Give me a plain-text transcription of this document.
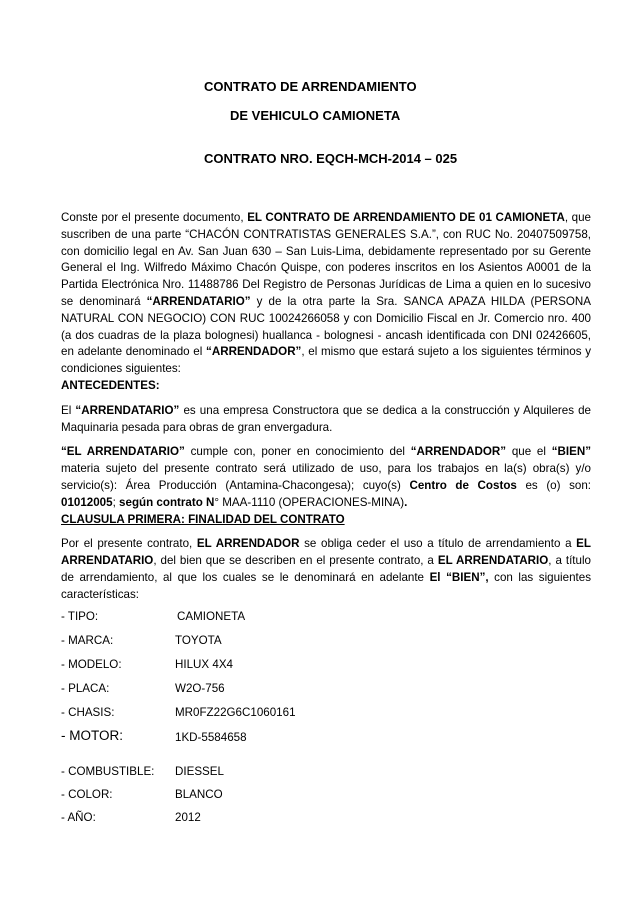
CONTRATO DE ARRENDAMIENTO
DE VEHICULO CAMIONETA
CONTRATO NRO. EQCH-MCH-2014 – 025

Conste por el presente documento, EL CONTRATO DE ARRENDAMIENTO DE 01 CAMIONETA, que suscriben de una parte “CHACÓN CONTRATISTAS GENERALES S.A.”, con RUC No. 20407509758, con domicilio legal en Av. San Juan 630 – San Luis-Lima, debidamente representado por su Gerente General el Ing. Wilfredo Máximo Chacón Quispe, con poderes inscritos en los Asientos A0001 de la Partida Electrónica Nro. 11488786 Del Registro de Personas Jurídicas de Lima a quien en lo sucesivo se denominará “ARRENDATARIO” y de la otra parte la Sra. SANCA APAZA HILDA (PERSONA NATURAL CON NEGOCIO) CON RUC 10024266058 y con Domicilio Fiscal en Jr. Comercio nro. 400 (a dos cuadras de la plaza bolognesi) huallanca - bolognesi - ancash identificada con DNI 02426605, en adelante denominado el “ARRENDADOR”, el mismo que estará sujeto a los siguientes términos y condiciones siguientes:

ANTECEDENTES:

El “ARRENDATARIO” es una empresa Constructora que se dedica a la construcción y Alquileres de Maquinaria pesada para obras de gran envergadura.

“EL ARRENDATARIO” cumple con, poner en conocimiento del “ARRENDADOR” que el “BIEN” materia sujeto del presente contrato será utilizado de uso, para los trabajos en la(s) obra(s) y/o servicio(s): Área Producción (Antamina-Chacongesa); cuyo(s) Centro de Costos es (o) son: 01012005; según contrato N° MAA-1110 (OPERACIONES-MINA).

CLAUSULA PRIMERA: FINALIDAD DEL CONTRATO

Por el presente contrato, EL ARRENDADOR se obliga ceder el uso a título de arrendamiento a EL ARRENDATARIO, del bien que se describen en el presente contrato, a EL ARRENDATARIO, a título de arrendamiento, al que los cuales se le denominará en adelante El “BIEN”, con las siguientes características:

- TIPO:	CAMIONETA
- MARCA:	TOYOTA
- MODELO:	HILUX 4X4
- PLACA:	W2O-756
- CHASIS:	MR0FZ22G6C1060161
- MOTOR:	1KD-5584658
- COMBUSTIBLE: DIESSEL
- COLOR:	BLANCO
- AÑO:	2012
